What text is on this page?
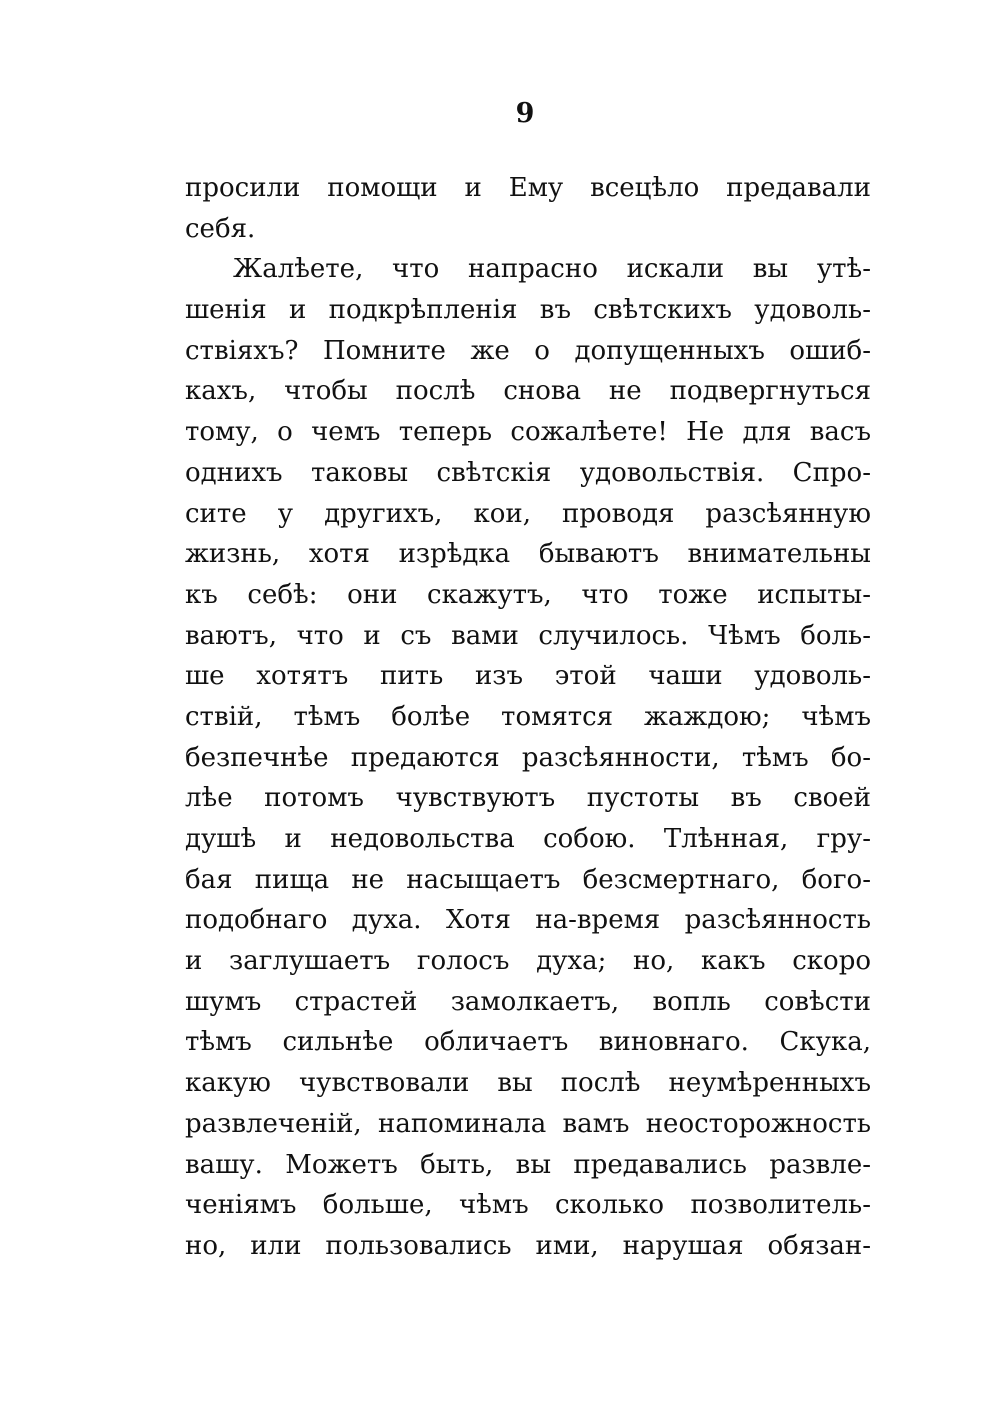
9
просили помощи и Ему всецѣло предавали
себя.
Жалѣете, что напрасно искали вы утѣ-
шенія и подкрѣпленія въ свѣтскихъ удоволь-
ствіяхъ? Помните же о допущенныхъ ошиб-
кахъ, чтобы послѣ снова не подвергнуться
тому, о чемъ теперь сожалѣете! Не для васъ
однихъ таковы свѣтскія удовольствія. Спро-
сите у другихъ, кои, проводя разсѣянную
жизнь, хотя изрѣдка бываютъ внимательны
къ себѣ: они скажутъ, что тоже испыты-
ваютъ, что и съ вами случилось. Чѣмъ боль-
ше хотятъ пить изъ этой чаши удоволь-
ствій, тѣмъ болѣе томятся жаждою; чѣмъ
безпечнѣе предаются разсѣянности, тѣмъ бо-
лѣе потомъ чувствуютъ пустоты въ своей
душѣ и недовольства собою. Тлѣнная, гру-
бая пища не насыщаетъ безсмертнаго, бого-
подобнаго духа. Хотя на-время разсѣянность
и заглушаетъ голосъ духа; но, какъ скоро
шумъ страстей замолкаетъ, вопль совѣсти
тѣмъ сильнѣе обличаетъ виновнаго. Скука,
какую чувствовали вы послѣ неумѣренныхъ
развлеченій, напоминала вамъ неосторожность
вашу. Можетъ быть, вы предавались развле-
ченіямъ больше, чѣмъ сколько позволитель-
но, или пользовались ими, нарушая обязан-
